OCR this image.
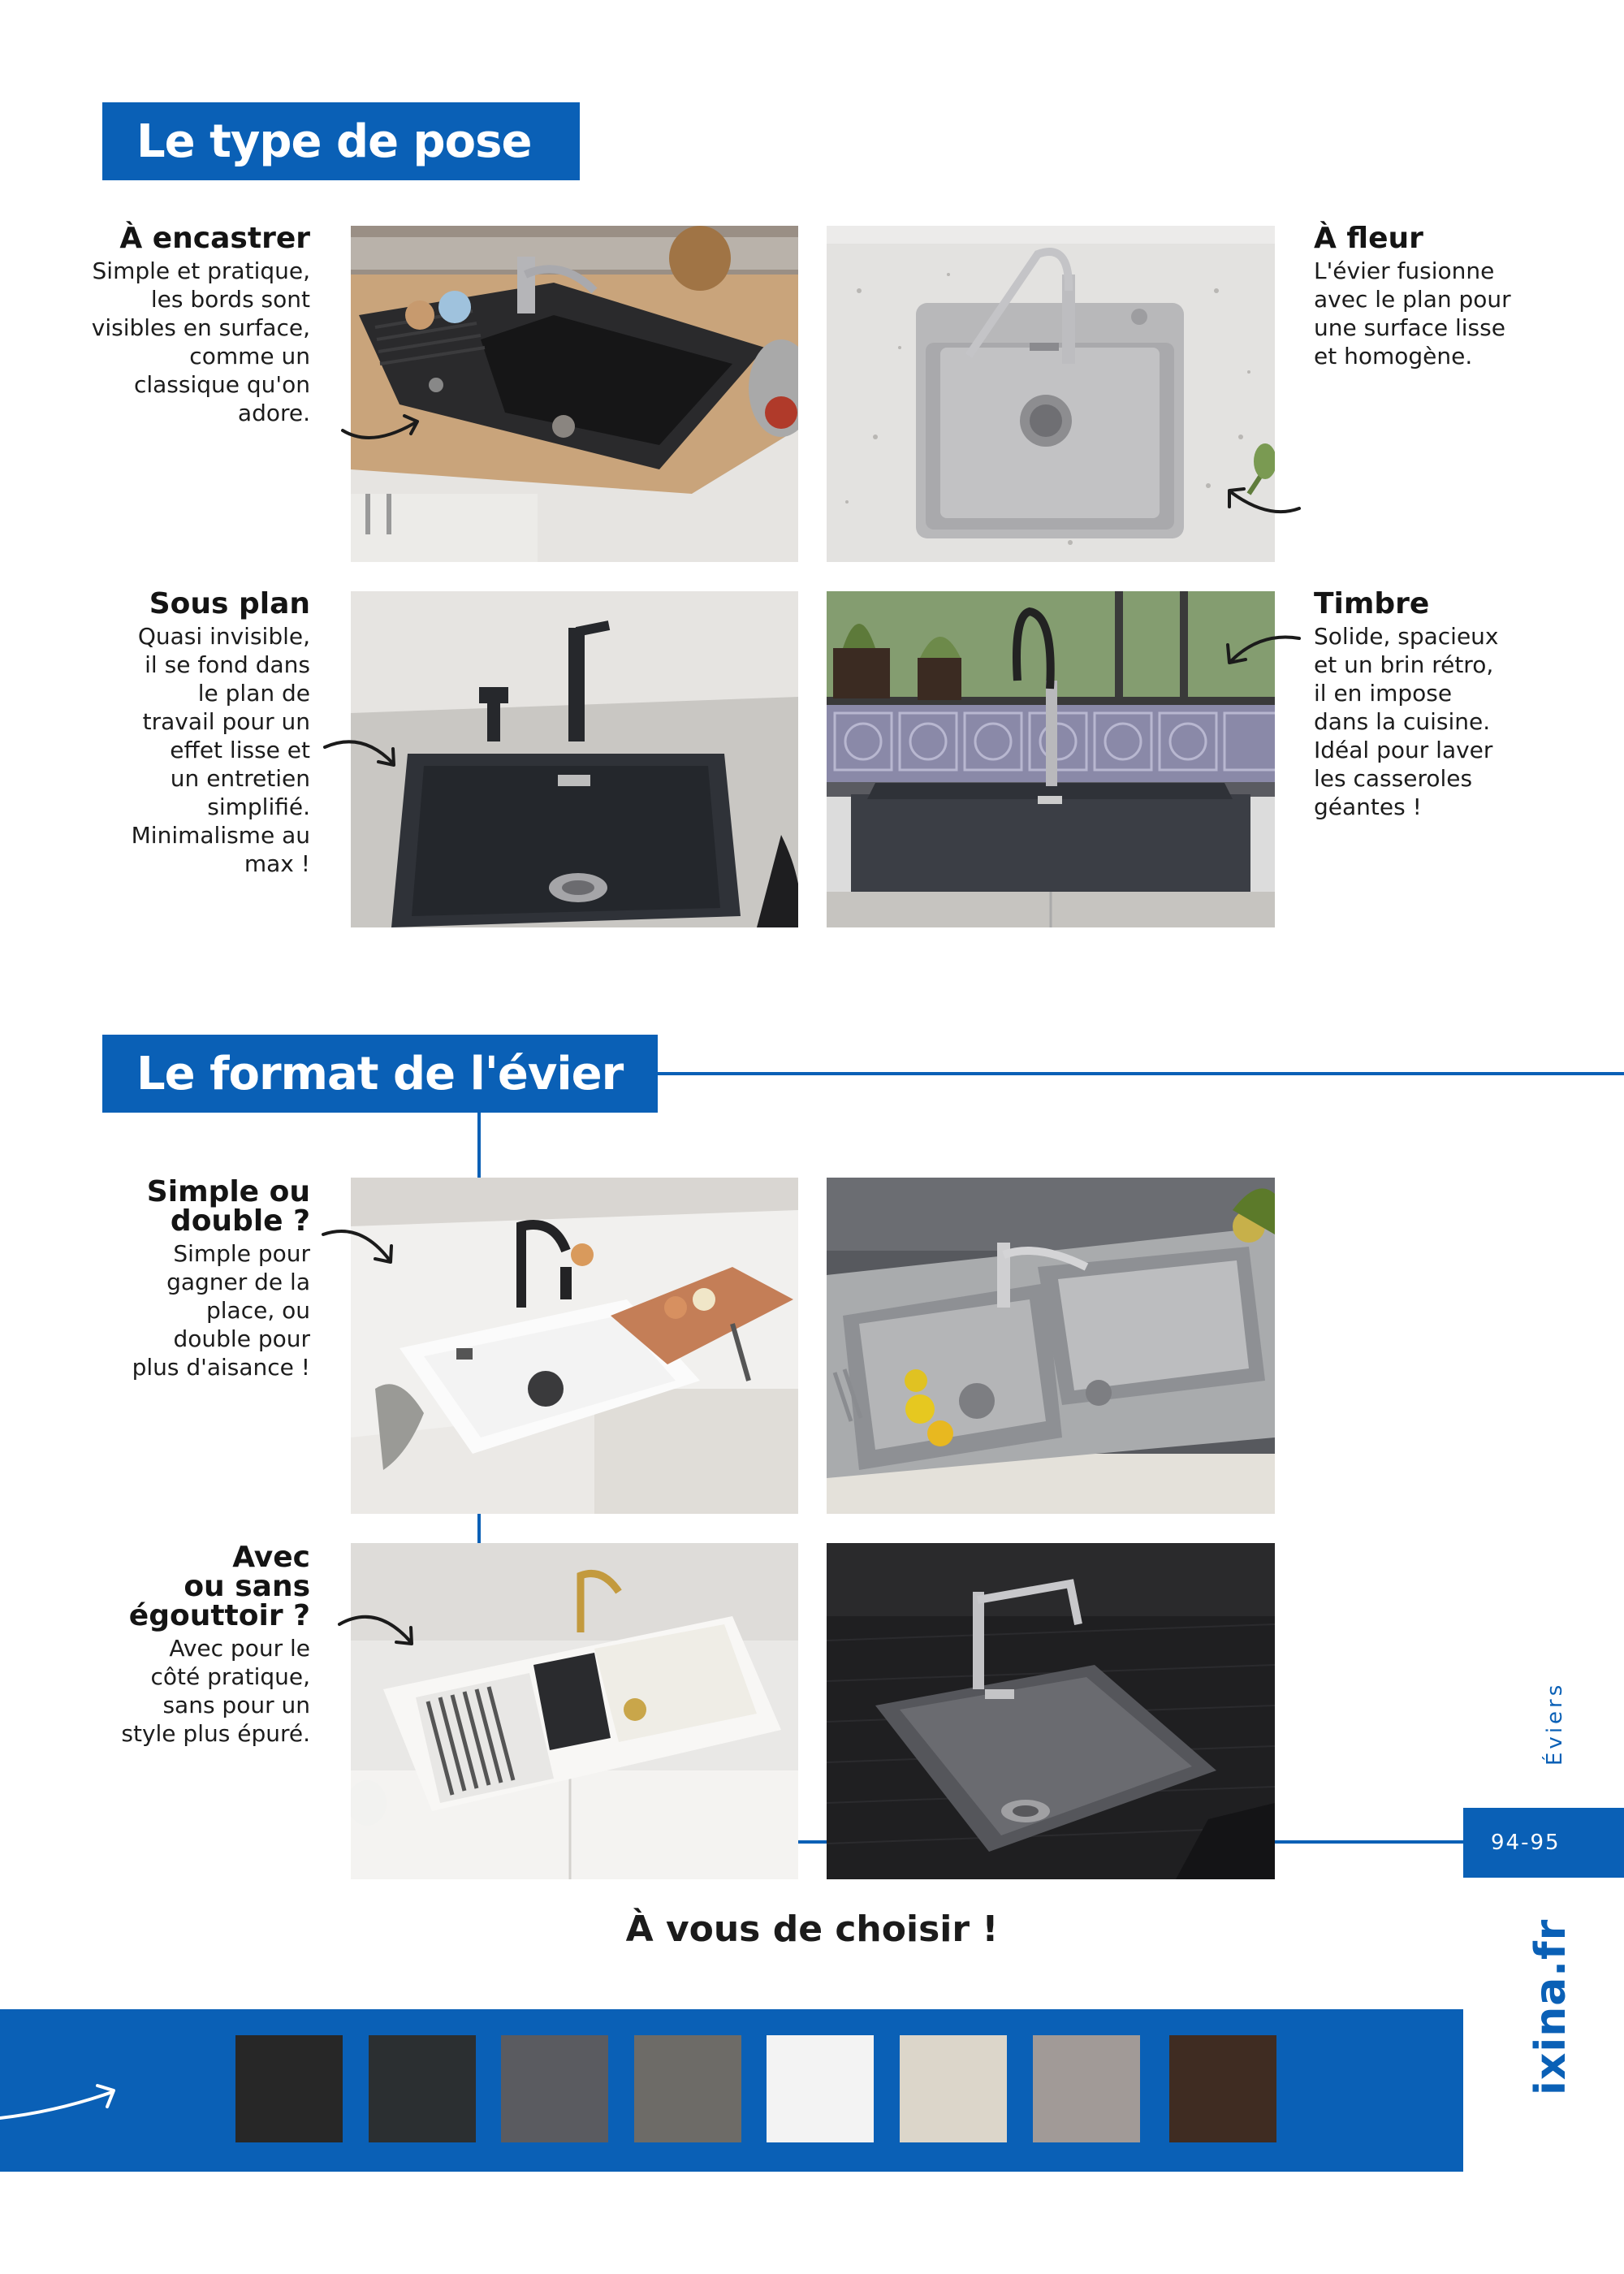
Le type de pose

À encastrer

Simple et pratique,
les bords sont
visibles en surface,
comme un
classique qu'on
adore.

À fleur

L'évier fusionne
avec le plan pour
une surface lisse
et homogène.

Sous plan

Quasi invisible,
il se fond dans
le plan de
travail pour un
effet lisse et
un entretien
simplifié.
Minimalisme au
max !

Timbre

Solide, spacieux
et un brin rétro,
il en impose
dans la cuisine.
Idéal pour laver
les casseroles
géantes !

Le format de l'évier

Simple ou
double ?

Simple pour
gagner de la
place, ou
double pour
plus d'aisance !

Avec
ou sans
égouttoir ?

Avec pour le
côté pratique,
sans pour un
style plus épuré.

À vous de choisir !
Éviers
94-95
ixina.fr
